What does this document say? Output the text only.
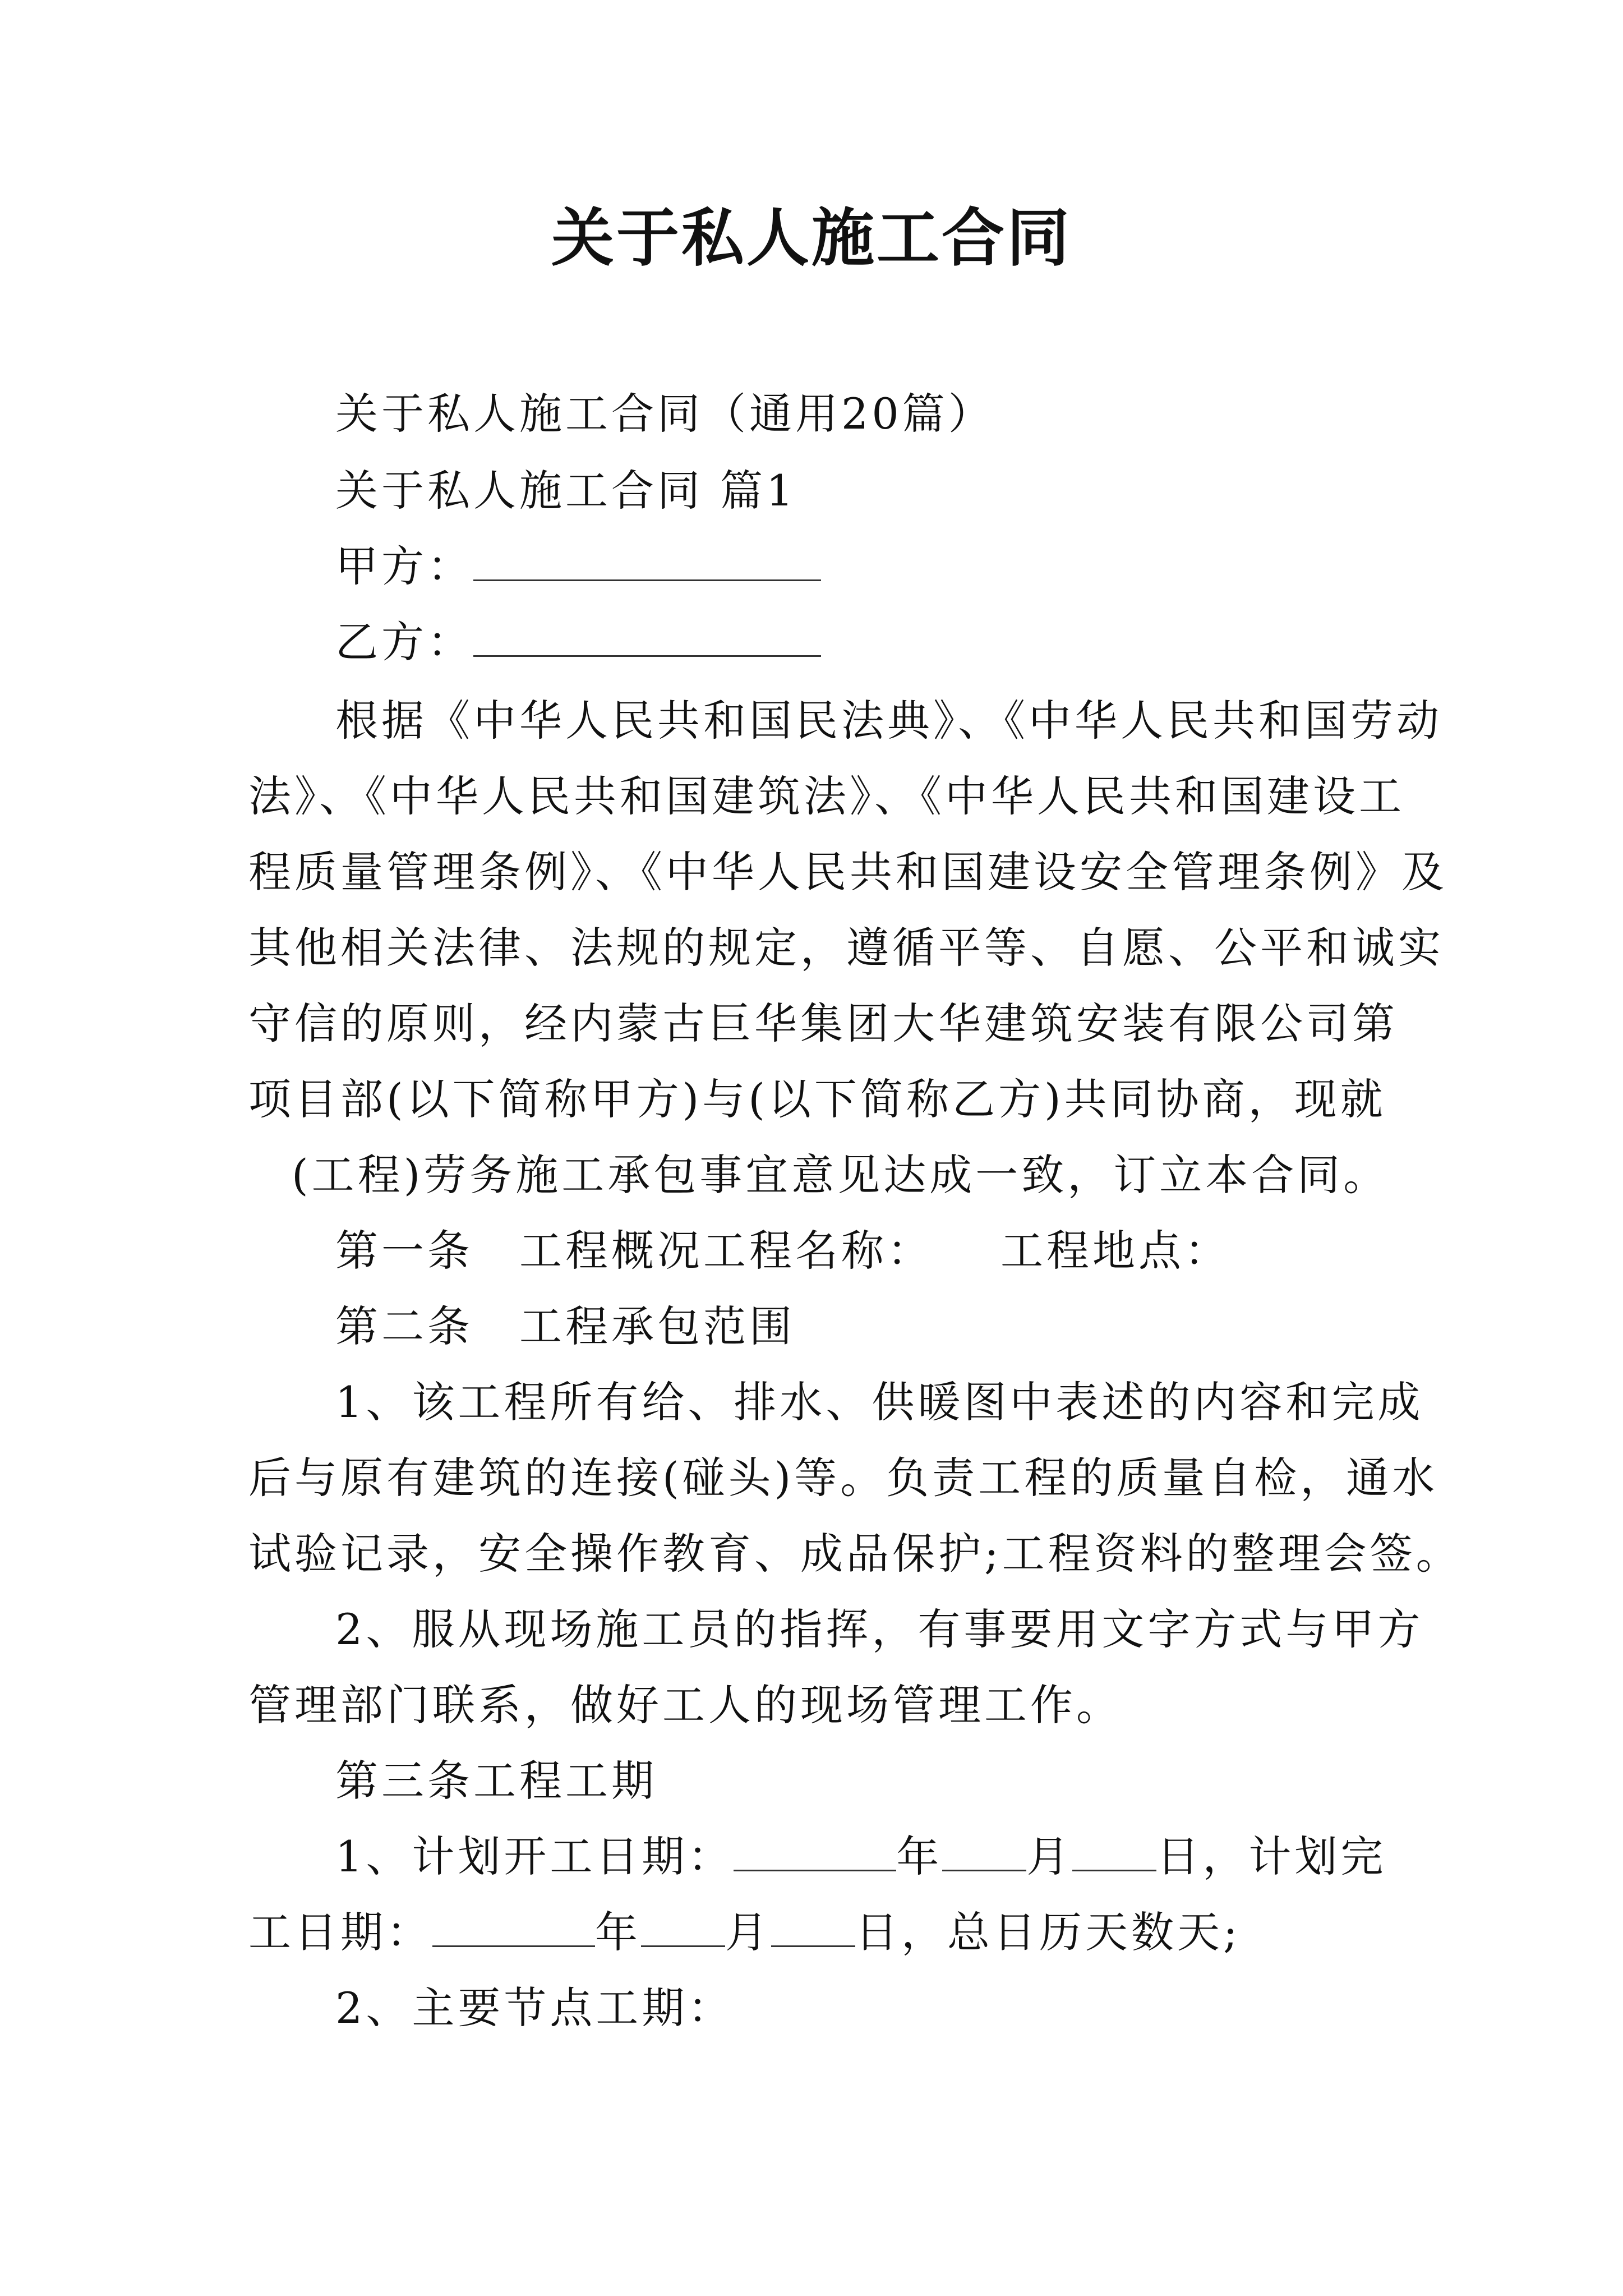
关于私人施工合同
关于私人施工合同（通用20篇）
关于私人施工合同 篇1
甲方：
乙方：
根据《中华人民共和国民法典》、《中华人民共和国劳动
法》、《中华人民共和国建筑法》、《中华人民共和国建设工
程质量管理条例》、《中华人民共和国建设安全管理条例》及
其他相关法律、法规的规定，遵循平等、自愿、公平和诚实
守信的原则，经内蒙古巨华集团大华建筑安装有限公司第
项目部(以下简称甲方)与(以下简称乙方)共同协商，现就
(工程)劳务施工承包事宜意见达成一致，订立本合同。
第一条　工程概况工程名称： 工程地点：
第二条　工程承包范围
1、该工程所有给、排水、供暖图中表述的内容和完成
后与原有建筑的连接(碰头)等。负责工程的质量自检，通水
试验记录，安全操作教育、成品保护;工程资料的整理会签。
2、服从现场施工员的指挥，有事要用文字方式与甲方
管理部门联系，做好工人的现场管理工作。
第三条工程工期
1、计划开工日期：	年 月 日，计划完
工日期：	年 月 日，总日历天数天;
2、主要节点工期：
